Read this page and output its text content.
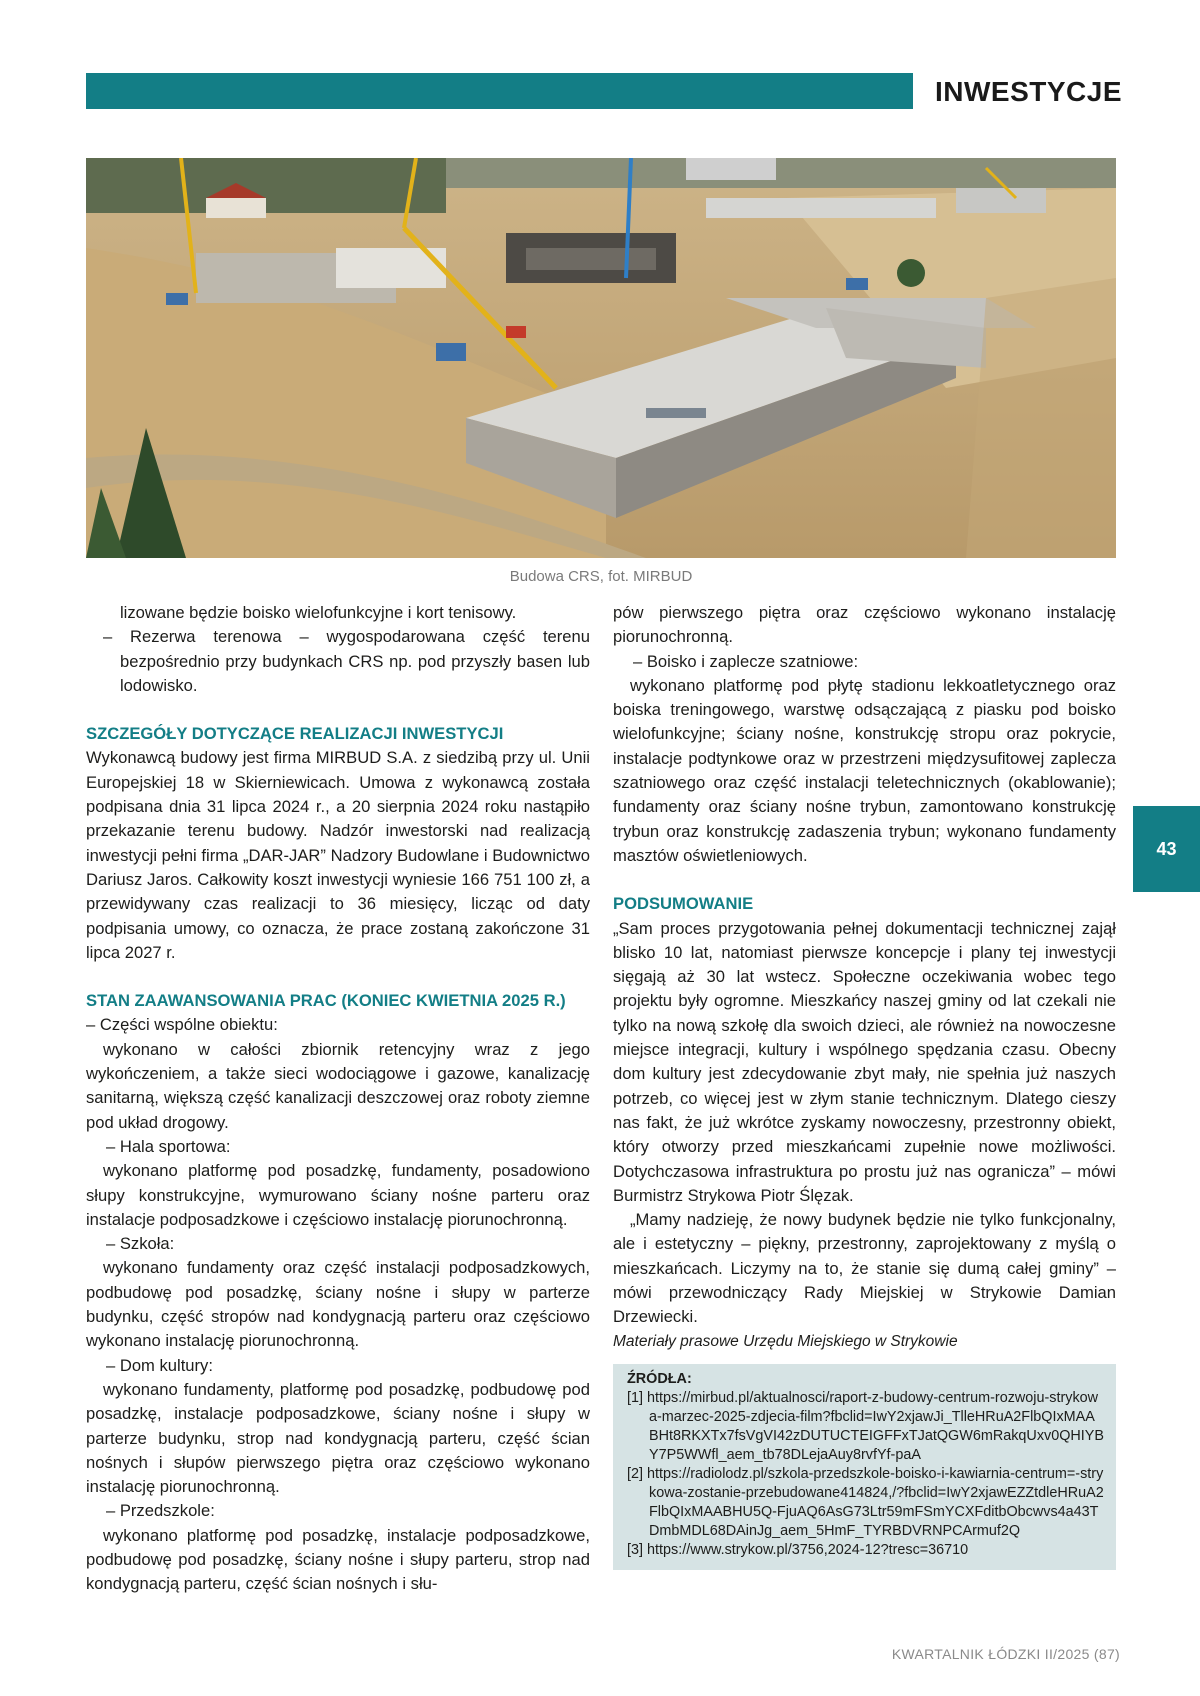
INWESTYCJE
Budowa CRS, fot. MIRBUD

lizowane będzie boisko wielofunkcyjne i kort tenisowy.

– Rezerwa terenowa – wygospodarowana część terenu bezpośrednio przy budynkach CRS np. pod przyszły basen lub lodowisko.

SZCZEGÓŁY DOTYCZĄCE REALIZACJI INWESTYCJI

Wykonawcą budowy jest firma MIRBUD S.A. z siedzibą przy ul. Unii Europejskiej 18 w Skierniewicach. Umowa z wykonawcą została podpisana dnia 31 lipca 2024 r., a 20 sierpnia 2024 roku nastąpiło przekazanie terenu budowy. Nadzór inwestorski nad realizacją inwestycji pełni firma „DAR-JAR” Nadzory Budowlane i Budownictwo Dariusz Jaros. Całkowity koszt inwestycji wyniesie 166 751 100 zł, a przewidywany czas realizacji to 36 miesięcy, licząc od daty podpisania umowy, co oznacza, że prace zostaną zakończone 31 lipca 2027 r.

STAN ZAAWANSOWANIA PRAC (KONIEC KWIETNIA 2025 R.)

– Części wspólne obiektu:

wykonano w całości zbiornik retencyjny wraz z jego wykończeniem, a także sieci wodociągowe i gazowe, kanalizację sanitarną, większą część kanalizacji deszczowej oraz roboty ziemne pod układ drogowy.

– Hala sportowa:

wykonano platformę pod posadzkę, fundamenty, posadowiono słupy konstrukcyjne, wymurowano ściany nośne parteru oraz instalacje podposadzkowe i częściowo instalację piorunochronną.

– Szkoła:

wykonano fundamenty oraz część instalacji podposadzkowych, podbudowę pod posadzkę, ściany nośne i słupy w parterze budynku, część stropów nad kondygnacją parteru oraz częściowo wykonano instalację piorunochronną.

– Dom kultury:

wykonano fundamenty, platformę pod posadzkę, podbudowę pod posadzkę, instalacje podposadzkowe, ściany nośne i słupy w parterze budynku, strop nad kondygnacją parteru, część ścian nośnych i słupów pierwszego piętra oraz częściowo wykonano instalację piorunochronną.

– Przedszkole:

wykonano platformę pod posadzkę, instalacje podposadzkowe, podbudowę pod posadzkę, ściany nośne i słupy parteru, strop nad kondygnacją parteru, część ścian nośnych i słu-

pów pierwszego piętra oraz częściowo wykonano instalację piorunochronną.

– Boisko i zaplecze szatniowe:

wykonano platformę pod płytę stadionu lekkoatletycznego oraz boiska treningowego, warstwę odsączającą z piasku pod boisko wielofunkcyjne; ściany nośne, konstrukcję stropu oraz pokrycie, instalacje podtynkowe oraz w przestrzeni międzysufitowej zaplecza szatniowego oraz część instalacji teletechnicznych (okablowanie); fundamenty oraz ściany nośne trybun, zamontowano konstrukcję trybun oraz konstrukcję zadaszenia trybun; wykonano fundamenty masztów oświetleniowych.

PODSUMOWANIE

„Sam proces przygotowania pełnej dokumentacji technicznej zajął blisko 10 lat, natomiast pierwsze koncepcje i plany tej inwestycji sięgają aż 30 lat wstecz. Społeczne oczekiwania wobec tego projektu były ogromne. Mieszkańcy naszej gminy od lat czekali nie tylko na nową szkołę dla swoich dzieci, ale również na nowoczesne miejsce integracji, kultury i wspólnego spędzania czasu. Obecny dom kultury jest zdecydowanie zbyt mały, nie spełnia już naszych potrzeb, co więcej jest w złym stanie technicznym. Dlatego cieszy nas fakt, że już wkrótce zyskamy nowoczesny, przestronny obiekt, który otworzy przed mieszkańcami zupełnie nowe możliwości. Dotychczasowa infrastruktura po prostu już nas ogranicza” – mówi Burmistrz Strykowa Piotr Ślęzak.

„Mamy nadzieję, że nowy budynek będzie nie tylko funkcjonalny, ale i estetyczny – piękny, przestronny, zaprojektowany z myślą o mieszkańcach. Liczymy na to, że stanie się dumą całej gminy” – mówi przewodniczący Rady Miejskiej w Strykowie Damian Drzewiecki.

Materiały prasowe Urzędu Miejskiego w Strykowie

ŹRÓDŁA:
[1] https://mirbud.pl/aktualnosci/raport-z-budowy-centrum-rozwoju-strykowa-marzec-2025-zdjecia-film?fbclid=IwY2xjawJi_TlleHRuA2FlbQIxMAABHt8RKXTx7fsVgVI42zDUTUCTEIGFFxTJatQGW6mRakqUxv0QHIYBY7P5WWfl_aem_tb78DLejaAuy8rvfYf-paA
[2] https://radiolodz.pl/szkola-przedszkole-boisko-i-kawiarnia-centrum=-strykowa-zostanie-przebudowane414824,/?fbclid=IwY2xjawEZZtdleHRuA2FlbQIxMAABHU5Q-FjuAQ6AsG73Ltr59mFSmYCXFditbObcwvs4a43TDmbMDL68DAinJg_aem_5HmF_TYRBDVRNPCArmuf2Q
[3] https://www.strykow.pl/3756,2024-12?tresc=36710
43
KWARTALNIK ŁÓDZKI II/2025 (87)
